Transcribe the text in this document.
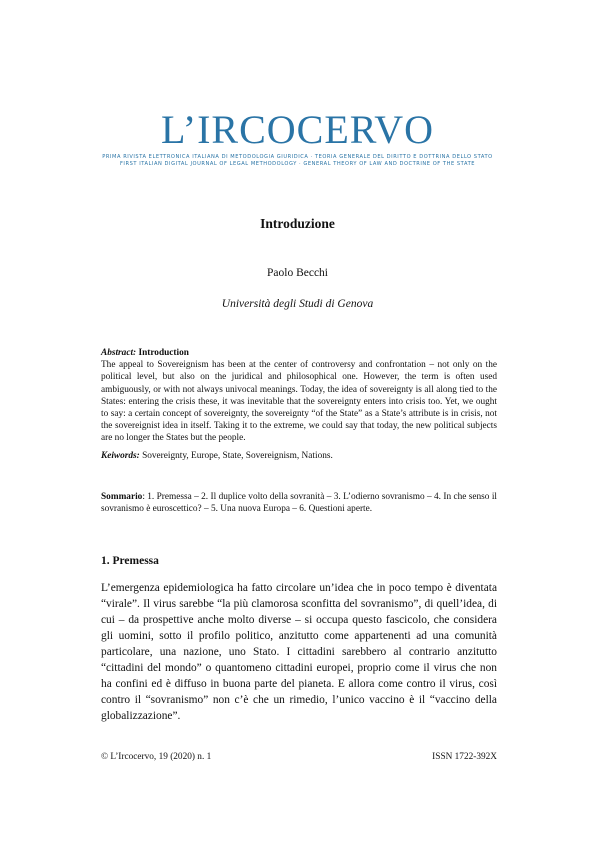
L’IRCOCERVO
PRIMA RIVISTA ELETTRONICA ITALIANA DI METODOLOGIA GIURIDICA · TEORIA GENERALE DEL DIRITTO E DOTTRINA DELLO STATO
FIRST ITALIAN DIGITAL JOURNAL OF LEGAL METHODOLOGY · GENERAL THEORY OF LAW AND DOCTRINE OF THE STATE
Introduzione
Paolo Becchi
Università degli Studi di Genova
Abstract: Introduction
The appeal to Sovereignism has been at the center of controversy and confrontation – not only on the political level, but also on the juridical and philosophical one. However, the term is often used ambiguously, or with not always univocal meanings. Today, the idea of sovereignty is all along tied to the States: entering the crisis these, it was inevitable that the sovereignty enters into crisis too. Yet, we ought to say: a certain concept of sovereignty, the sovereignty “of the State” as a State’s attribute is in crisis, not the sovereignist idea in itself. Taking it to the extreme, we could say that today, the new political subjects are no longer the States but the people.
Keiwords: Sovereignty, Europe, State, Sovereignism, Nations.
Sommario: 1. Premessa – 2. Il duplice volto della sovranità – 3. L’odierno sovranismo – 4. In che senso il sovranismo è euroscettico? – 5. Una nuova Europa – 6. Questioni aperte.
1. Premessa
L’emergenza epidemiologica ha fatto circolare un’idea che in poco tempo è diventata “virale”. Il virus sarebbe “la più clamorosa sconfitta del sovranismo”, di quell’idea, di cui – da prospettive anche molto diverse – si occupa questo fascicolo, che considera gli uomini, sotto il profilo politico, anzitutto come appartenenti ad una comunità particolare, una nazione, uno Stato. I cittadini sarebbero al contrario anzitutto “cittadini del mondo” o quantomeno cittadini europei, proprio come il virus che non ha confini ed è diffuso in buona parte del pianeta. E allora come contro il virus, così contro il “sovranismo” non c’è che un rimedio, l’unico vaccino è il “vaccino della globalizzazione”.
© L’Ircocervo, 19 (2020) n. 1	ISSN 1722-392X
